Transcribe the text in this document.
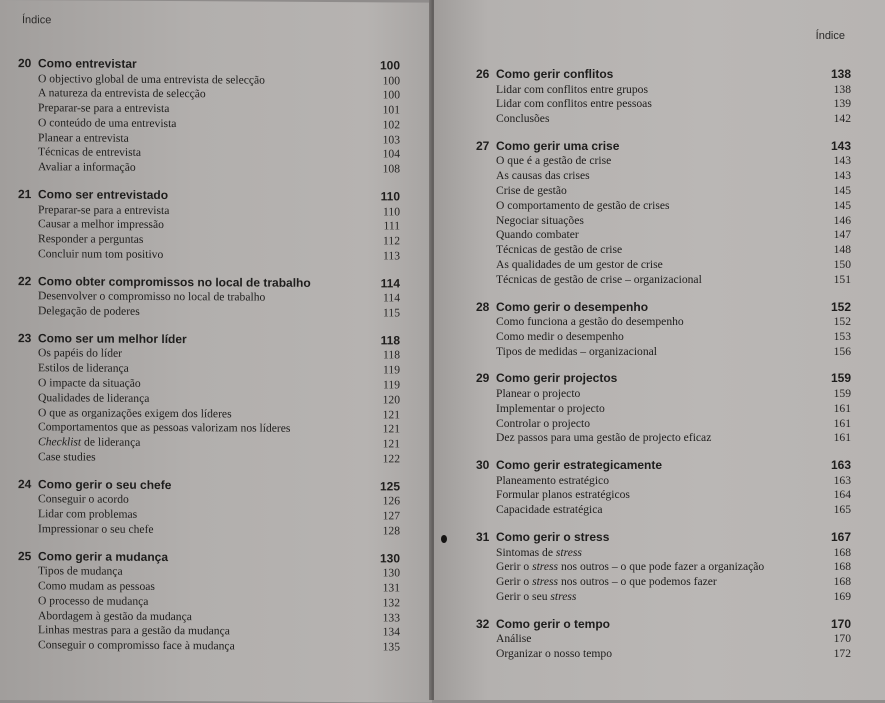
Índice
20 Como entrevistar	100
O objectivo global de uma entrevista de selecção	100
A natureza da entrevista de selecção	100
Preparar-se para a entrevista	101
O conteúdo de uma entrevista	102
Planear a entrevista	103
Técnicas de entrevista	104
Avaliar a informação	108
21 Como ser entrevistado	110
Preparar-se para a entrevista	110
Causar a melhor impressão	111
Responder a perguntas	112
Concluir num tom positivo	113
22 Como obter compromissos no local de trabalho	114
Desenvolver o compromisso no local de trabalho	114
Delegação de poderes	115
23 Como ser um melhor líder	118
Os papéis do líder	118
Estilos de liderança	119
O impacte da situação	119
Qualidades de liderança	120
O que as organizações exigem dos líderes	121
Comportamentos que as pessoas valorizam nos líderes	121
Checklist de liderança	121
Case studies	122
24 Como gerir o seu chefe	125
Conseguir o acordo	126
Lidar com problemas	127
Impressionar o seu chefe	128
25 Como gerir a mudança	130
Tipos de mudança	130
Como mudam as pessoas	131
O processo de mudança	132
Abordagem à gestão da mudança	133
Linhas mestras para a gestão da mudança	134
Conseguir o compromisso face à mudança	135
Índice
26 Como gerir conflitos	138
Lidar com conflitos entre grupos	138
Lidar com conflitos entre pessoas	139
Conclusões	142
27 Como gerir uma crise	143
O que é a gestão de crise	143
As causas das crises	143
Crise de gestão	145
O comportamento de gestão de crises	145
Negociar situações	146
Quando combater	147
Técnicas de gestão de crise	148
As qualidades de um gestor de crise	150
Técnicas de gestão de crise – organizacional	151
28 Como gerir o desempenho	152
Como funciona a gestão do desempenho	152
Como medir o desempenho	153
Tipos de medidas – organizacional	156
29 Como gerir projectos	159
Planear o projecto	159
Implementar o projecto	161
Controlar o projecto	161
Dez passos para uma gestão de projecto eficaz	161
30 Como gerir estrategicamente	163
Planeamento estratégico	163
Formular planos estratégicos	164
Capacidade estratégica	165
31 Como gerir o stress	167
Sintomas de stress	168
Gerir o stress nos outros – o que pode fazer a organização	168
Gerir o stress nos outros – o que podemos fazer	168
Gerir o seu stress	169
32 Como gerir o tempo	170
Análise	170
Organizar o nosso tempo	172
